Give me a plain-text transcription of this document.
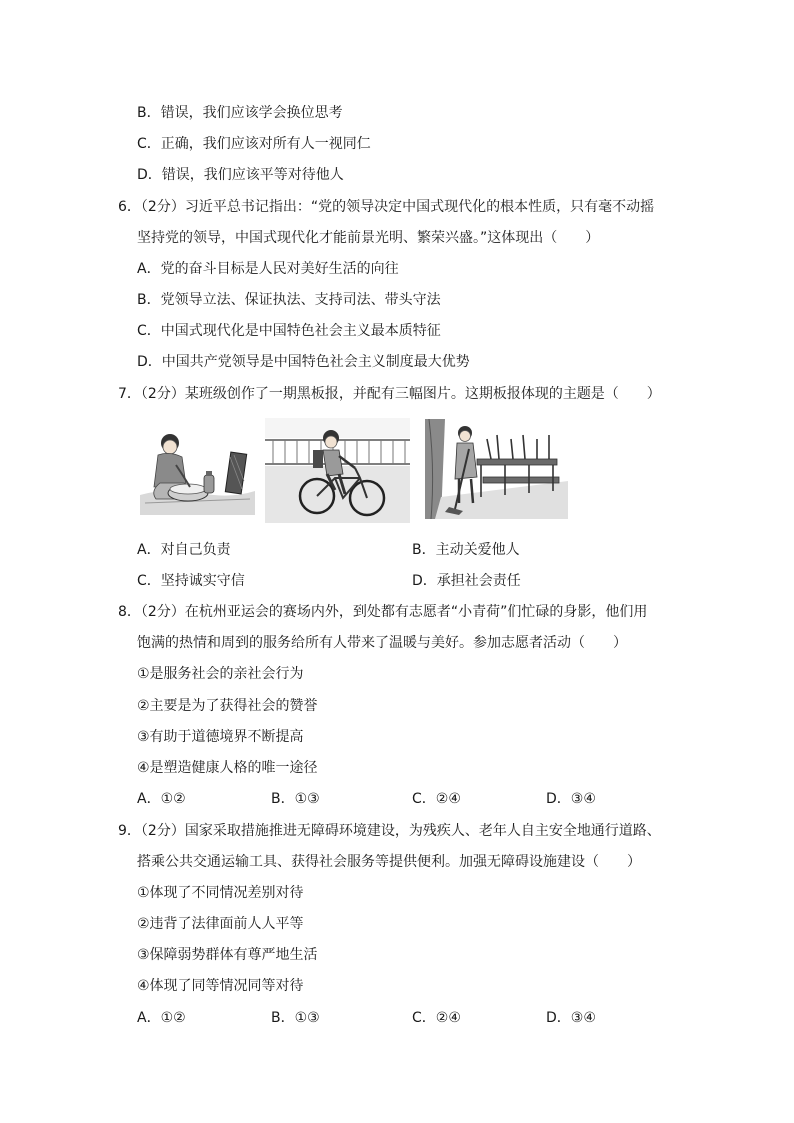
B．错误，我们应该学会换位思考
C．正确，我们应该对所有人一视同仁
D．错误，我们应该平等对待他人
6．（2分）习近平总书记指出：“党的领导决定中国式现代化的根本性质，只有毫不动摇
坚持党的领导，中国式现代化才能前景光明、繁荣兴盛。”这体现出（　　）
A．党的奋斗目标是人民对美好生活的向往
B．党领导立法、保证执法、支持司法、带头守法
C．中国式现代化是中国特色社会主义最本质特征
D．中国共产党领导是中国特色社会主义制度最大优势
7．（2分）某班级创作了一期黑板报，并配有三幅图片。这期板报体现的主题是（　　）
A．对自己负责	B．主动关爱他人
C．坚持诚实守信	D．承担社会责任
8．（2分）在杭州亚运会的赛场内外，到处都有志愿者“小青荷”们忙碌的身影，他们用
饱满的热情和周到的服务给所有人带来了温暖与美好。参加志愿者活动（　　）
①是服务社会的亲社会行为
②主要是为了获得社会的赞誉
③有助于道德境界不断提高
④是塑造健康人格的唯一途径
A．①②	B．①③	C．②④	D．③④
9．（2分）国家采取措施推进无障碍环境建设，为残疾人、老年人自主安全地通行道路、
搭乘公共交通运输工具、获得社会服务等提供便利。加强无障碍设施建设（　　）
①体现了不同情况差别对待
②违背了法律面前人人平等
③保障弱势群体有尊严地生活
④体现了同等情况同等对待
A．①②	B．①③	C．②④	D．③④
